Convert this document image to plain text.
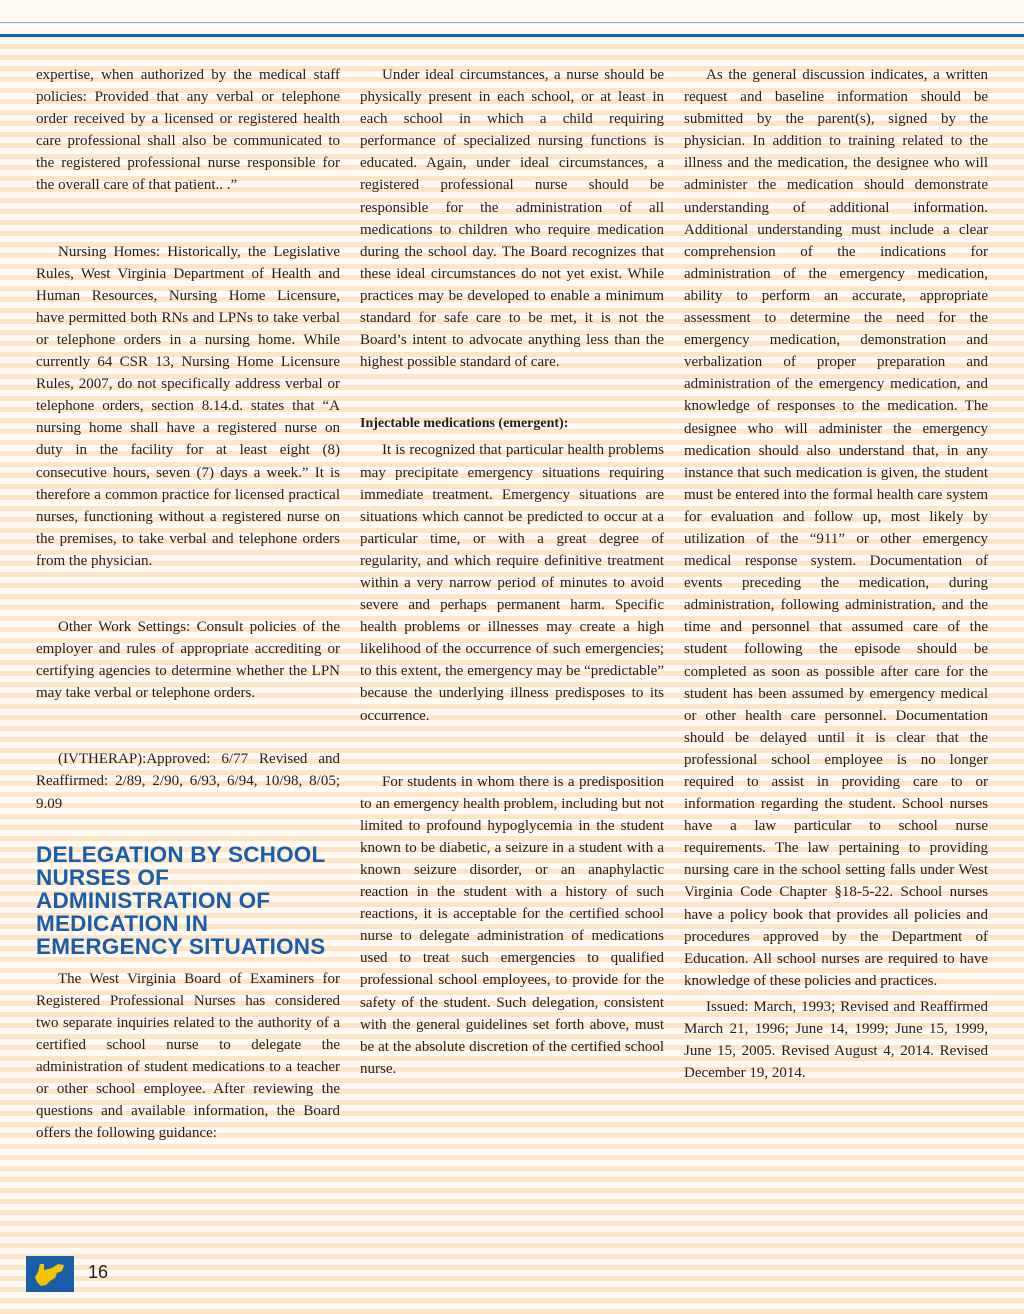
expertise, when authorized by the medical staff policies: Provided that any verbal or telephone order received by a licensed or registered health care professional shall also be communicated to the registered professional nurse responsible for the overall care of that patient.. .”

Nursing Homes: Historically, the Legislative Rules, West Virginia Department of Health and Human Resources, Nursing Home Licensure, have permitted both RNs and LPNs to take verbal or telephone orders in a nursing home. While currently 64 CSR 13, Nursing Home Licensure Rules, 2007, do not specifically address verbal or telephone orders, section 8.14.d. states that “A nursing home shall have a registered nurse on duty in the facility for at least eight (8) consecutive hours, seven (7) days a week.” It is therefore a common practice for licensed practical nurses, functioning without a registered nurse on the premises, to take verbal and telephone orders from the physician.

Other Work Settings: Consult policies of the employer and rules of appropriate accrediting or certifying agencies to determine whether the LPN may take verbal or telephone orders.

(IVTHERAP):Approved: 6/77 Revised and Reaffirmed: 2/89, 2/90, 6/93, 6/94, 10/98, 8/05; 9.09

DELEGATION BY SCHOOL NURSES OF ADMINISTRATION OF MEDICATION IN EMERGENCY SITUATIONS

The West Virginia Board of Examiners for Registered Professional Nurses has considered two separate inquiries related to the authority of a certified school nurse to delegate the administration of student medications to a teacher or other school employee. After reviewing the questions and available information, the Board offers the following guidance:

Under ideal circumstances, a nurse should be physically present in each school, or at least in each school in which a child requiring performance of specialized nursing functions is educated. Again, under ideal circumstances, a registered professional nurse should be responsible for the administration of all medications to children who require medication during the school day. The Board recognizes that these ideal circumstances do not yet exist. While practices may be developed to enable a minimum standard for safe care to be met, it is not the Board’s intent to advocate anything less than the highest possible standard of care.

Injectable medications (emergent):

It is recognized that particular health problems may precipitate emergency situations requiring immediate treatment. Emergency situations are situations which cannot be predicted to occur at a particular time, or with a great degree of regularity, and which require definitive treatment within a very narrow period of minutes to avoid severe and perhaps permanent harm. Specific health problems or illnesses may create a high likelihood of the occurrence of such emergencies; to this extent, the emergency may be “predictable” because the underlying illness predisposes to its occurrence.

For students in whom there is a predisposition to an emergency health problem, including but not limited to profound hypoglycemia in the student known to be diabetic, a seizure in a student with a known seizure disorder, or an anaphylactic reaction in the student with a history of such reactions, it is acceptable for the certified school nurse to delegate administration of medications used to treat such emergencies to qualified professional school employees, to provide for the safety of the student. Such delegation, consistent with the general guidelines set forth above, must be at the absolute discretion of the certified school nurse.

As the general discussion indicates, a written request and baseline information should be submitted by the parent(s), signed by the physician. In addition to training related to the illness and the medication, the designee who will administer the medication should demonstrate understanding of additional information. Additional understanding must include a clear comprehension of the indications for administration of the emergency medication, ability to perform an accurate, appropriate assessment to determine the need for the emergency medication, demonstration and verbalization of proper preparation and administration of the emergency medication, and knowledge of responses to the medication. The designee who will administer the emergency medication should also understand that, in any instance that such medication is given, the student must be entered into the formal health care system for evaluation and follow up, most likely by utilization of the “911” or other emergency medical response system. Documentation of events preceding the medication, during administration, following administration, and the time and personnel that assumed care of the student following the episode should be completed as soon as possible after care for the student has been assumed by emergency medical or other health care personnel. Documentation should be delayed until it is clear that the professional school employee is no longer required to assist in providing care to or information regarding the student. School nurses have a law particular to school nurse requirements. The law pertaining to providing nursing care in the school setting falls under West Virginia Code Chapter §18-5-22. School nurses have a policy book that provides all policies and procedures approved by the Department of Education. All school nurses are required to have knowledge of these policies and practices.

Issued: March, 1993; Revised and Reaffirmed March 21, 1996; June 14, 1999; June 15, 1999, June 15, 2005. Revised August 4, 2014. Revised December 19, 2014.

16
